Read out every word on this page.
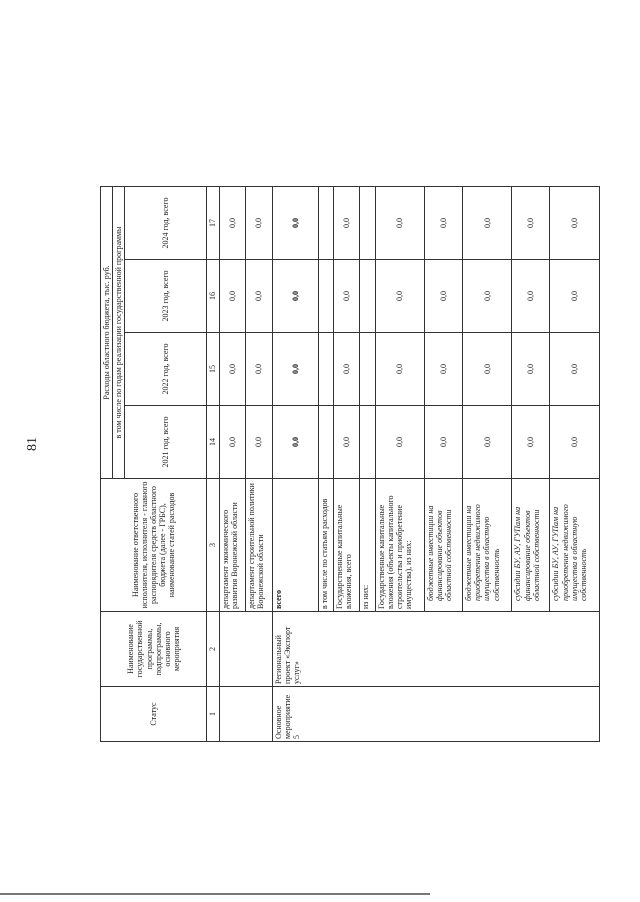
81
Статус	Наименование государственной программы, подпрограммы, основного мероприятия	Наименование ответственного исполнителя, исполнителя - главного распорядителя средств областного бюджета (далее - ГРБС), наименование статей расходов	Расходы областного бюджета, тыс. руб.			
			в том числе по годам реализации государственной программы			
			2021 год, всего	2022 год, всего	2023 год, всего	2024 год, всего
1	2	3	14	15	16	17
		департамент экономического развития Воронежской области	0,0	0,0	0,0	0,0
		департамент строительной политики Воронежской области	0,0	0,0	0,0	0,0
Основное мероприятие 5	Региональный проект «Экспорт услуг»	всего	0,0	0,0	0,0	0,0
		в том числе по статьям расходов				
		Государственные капитальные вложения, всего	0,0	0,0	0,0	0,0
		из них:				
		Государственные капитальные вложения (объекты капитального строительства и приобретение имущества), из них:	0,0	0,0	0,0	0,0
		бюджетные инвестиции на финансирование объектов областной собственности	0,0	0,0	0,0	0,0
		бюджетные инвестиции на приобретение недвижимого имущества в областную собственность	0,0	0,0	0,0	0,0
		субсидии БУ, АУ, ГУПам на финансирование объектов областной собственности	0,0	0,0	0,0	0,0
		субсидии БУ, АУ, ГУПам на приобретение недвижимого имущества в областную собственность	0,0	0,0	0,0	0,0
